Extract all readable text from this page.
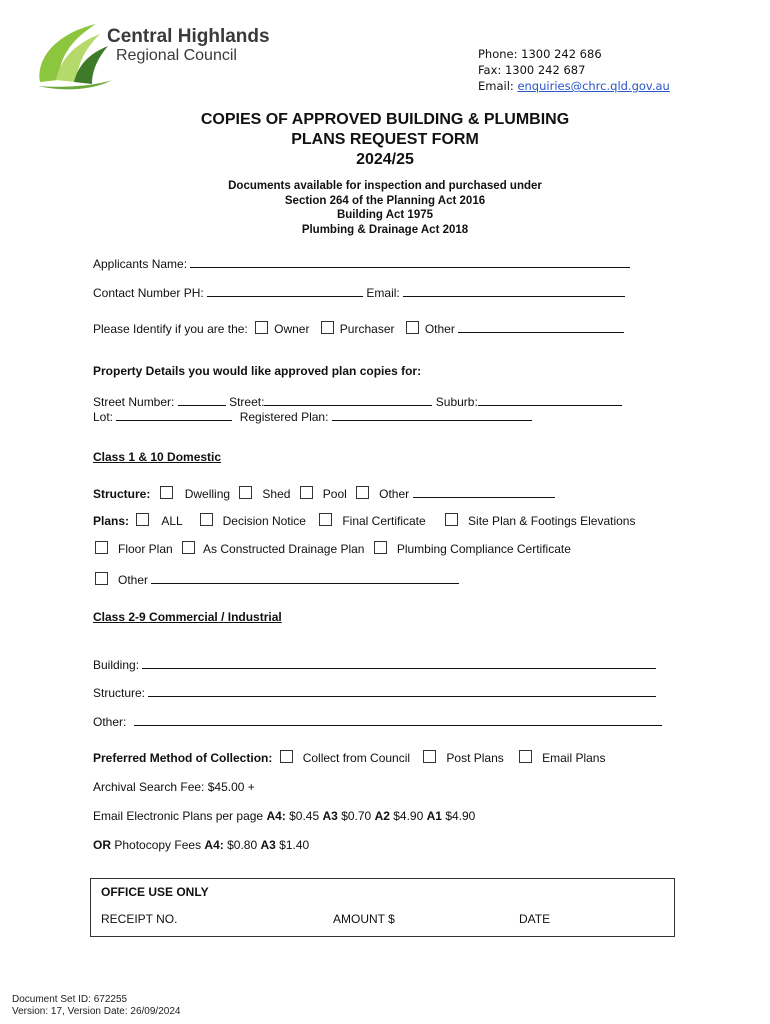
Central Highlands
Regional Council	Phone: 1300 242 686
Fax: 1300 242 687
Email: enquiries@chrc.qld.gov.au
COPIES OF APPROVED BUILDING & PLUMBING
PLANS REQUEST FORM
2024/25
Documents available for inspection and purchased under
Section 264 of the Planning Act 2016
Building Act 1975
Plumbing & Drainage Act 2018
Applicants Name:
Contact Number PH:	Email:
Please Identify if you are the: Owner	Purchaser	Other
Property Details you would like approved plan copies for:
Street Number:	Street:	Suburb:
Lot:	Registered Plan:
Class 1 & 10 Domestic
Structure:	Dwelling	Shed	Pool	Other
Plans:	ALL	Decision Notice	Final Certificate	Site Plan & Footings Elevations
Floor Plan	As Constructed Drainage Plan	Plumbing Compliance Certificate
Other
Class 2-9 Commercial / Industrial
Building:
Structure:
Other:
Preferred Method of Collection:	Collect from Council	Post Plans	Email Plans
Archival Search Fee: $45.00 +
Email Electronic Plans per page A4: $0.45 A3 $0.70 A2 $4.90 A1 $4.90
OR Photocopy Fees A4: $0.80 A3 $1.40
OFFICE USE ONLY
RECEIPT NO.	AMOUNT $	DATE
Document Set ID: 672255
Version: 17, Version Date: 26/09/2024
